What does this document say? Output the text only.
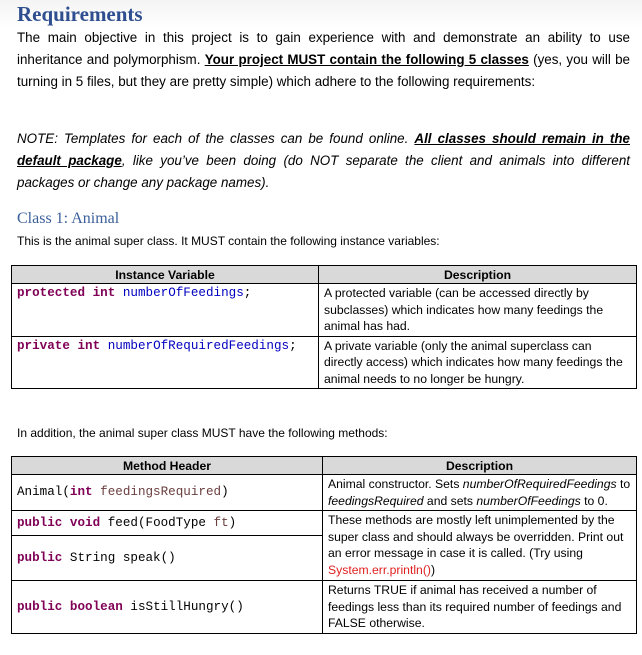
Requirements
The main objective in this project is to gain experience with and demonstrate an ability to use inheritance and polymorphism. Your project MUST contain the following 5 classes (yes, you will be turning in 5 files, but they are pretty simple) which adhere to the following requirements:
NOTE: Templates for each of the classes can be found online. All classes should remain in the default package, like you’ve been doing (do NOT separate the client and animals into different packages or change any package names).
Class 1: Animal
This is the animal super class. It MUST contain the following instance variables:
Instance Variable	Description
protected int numberOfFeedings;	A protected variable (can be accessed directly by subclasses) which indicates how many feedings the animal has had.
private int numberOfRequiredFeedings;	A private variable (only the animal superclass can directly access) which indicates how many feedings the animal needs to no longer be hungry.
In addition, the animal super class MUST have the following methods:
Method Header	Description
Animal(int feedingsRequired)	Animal constructor. Sets numberOfRequiredFeedings to feedingsRequired and sets numberOfFeedings to 0.
public void feed(FoodType ft)	These methods are mostly left unimplemented by the super class and should always be overridden. Print out an error message in case it is called. (Try using System.err.println())
public String speak()	
public boolean isStillHungry()	Returns TRUE if animal has received a number of feedings less than its required number of feedings and FALSE otherwise.
